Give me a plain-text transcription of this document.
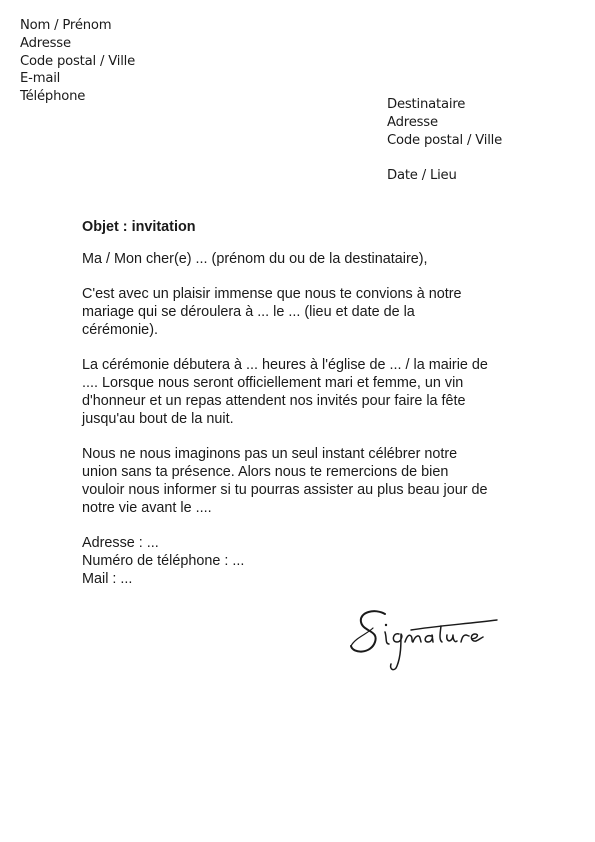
Nom / Prénom
Adresse
Code postal / Ville
E-mail
Téléphone
Destinataire
Adresse
Code postal / Ville
Date / Lieu
Objet : invitation

Ma / Mon cher(e) ... (prénom du ou de la destinataire),

C'est avec un plaisir immense que nous te convions à notre
mariage qui se déroulera à ... le ... (lieu et date de la
cérémonie).

La cérémonie débutera à ... heures à l'église de ... / la mairie de
.... Lorsque nous seront officiellement mari et femme, un vin
d'honneur et un repas attendent nos invités pour faire la fête
jusqu'au bout de la nuit.

Nous ne nous imaginons pas un seul instant célébrer notre
union sans ta présence. Alors nous te remercions de bien
vouloir nous informer si tu pourras assister au plus beau jour de
notre vie avant le ....

Adresse : ...
Numéro de téléphone : ...
Mail : ...
